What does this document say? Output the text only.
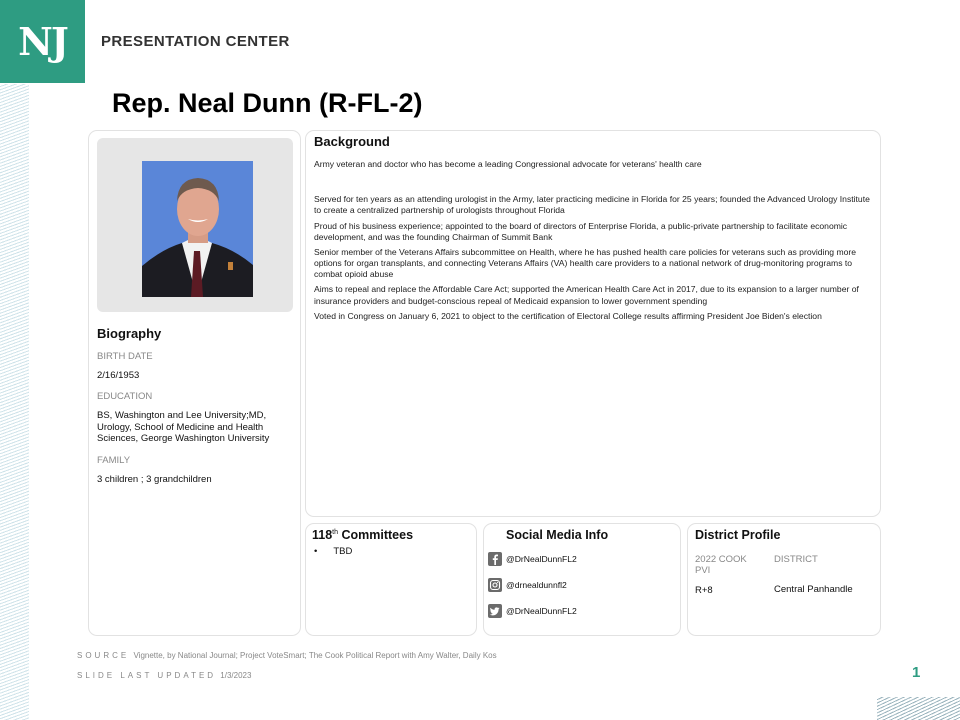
NJ	PRESENTATION CENTER
Rep. Neal Dunn (R-FL-2)
Biography
BIRTH DATE
2/16/1953
EDUCATION
BS, Washington and Lee University;MD, Urology, School of Medicine and Health Sciences, George Washington University
FAMILY
3 children ; 3 grandchildren
Background

Army veteran and doctor who has become a leading Congressional advocate for veterans' health care

Served for ten years as an attending urologist in the Army, later practicing medicine in Florida for 25 years; founded the Advanced Urology Institute to create a centralized partnership of urologists throughout Florida

Proud of his business experience; appointed to the board of directors of Enterprise Florida, a public-private partnership to facilitate economic development, and was the founding Chairman of Summit Bank

Senior member of the Veterans Affairs subcommittee on Health, where he has pushed health care policies for veterans such as providing more options for organ transplants, and connecting Veterans Affairs (VA) health care providers to a national network of drug-monitoring programs to combat opioid abuse

Aims to repeal and replace the Affordable Care Act; supported the American Health Care Act in 2017, due to its expansion to a larger number of insurance providers and budget-conscious repeal of Medicaid expansion to lower government spending

Voted in Congress on January 6, 2021 to object to the certification of Electoral College results affirming President Joe Biden's election

118th Committees
• TBD
Social Media Info
@DrNealDunnFL2
@drnealdunnfl2
@DrNealDunnFL2
District Profile
2022 COOK PVI
R+8
DISTRICT
Central Panhandle
SOURCE Vignette, by National Journal; Project VoteSmart; The Cook Political Report with Amy Walter, Daily Kos
SLIDE LAST UPDATED 1/3/2023	1
